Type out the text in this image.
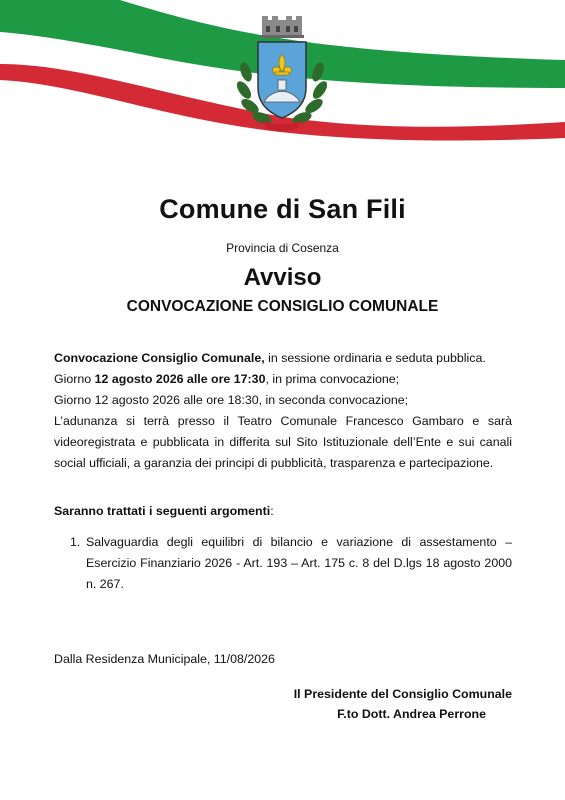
Comune di San Fili
Provincia di Cosenza
Avviso
CONVOCAZIONE CONSIGLIO COMUNALE

Convocazione Consiglio Comunale, in sessione ordinaria e seduta pubblica.

Giorno 12 agosto 2026 alle ore 17:30, in prima convocazione;

Giorno 12 agosto 2026 alle ore 18:30, in seconda convocazione;

L’adunanza si terrà presso il Teatro Comunale Francesco Gambaro e sarà videoregistrata e pubblicata in differita sul Sito Istituzionale dell’Ente e sui canali social ufficiali, a garanzia dei principi di pubblicità, trasparenza e partecipazione.

Saranno trattati i seguenti argomenti:
1. Salvaguardia degli equilibri di bilancio e variazione di assestamento – Esercizio Finanziario 2026 - Art. 193 – Art. 175 c. 8 del D.lgs 18 agosto 2000 n. 267.
Dalla Residenza Municipale, 11/08/2026
Il Presidente del Consiglio Comunale
F.to Dott. Andrea Perrone
